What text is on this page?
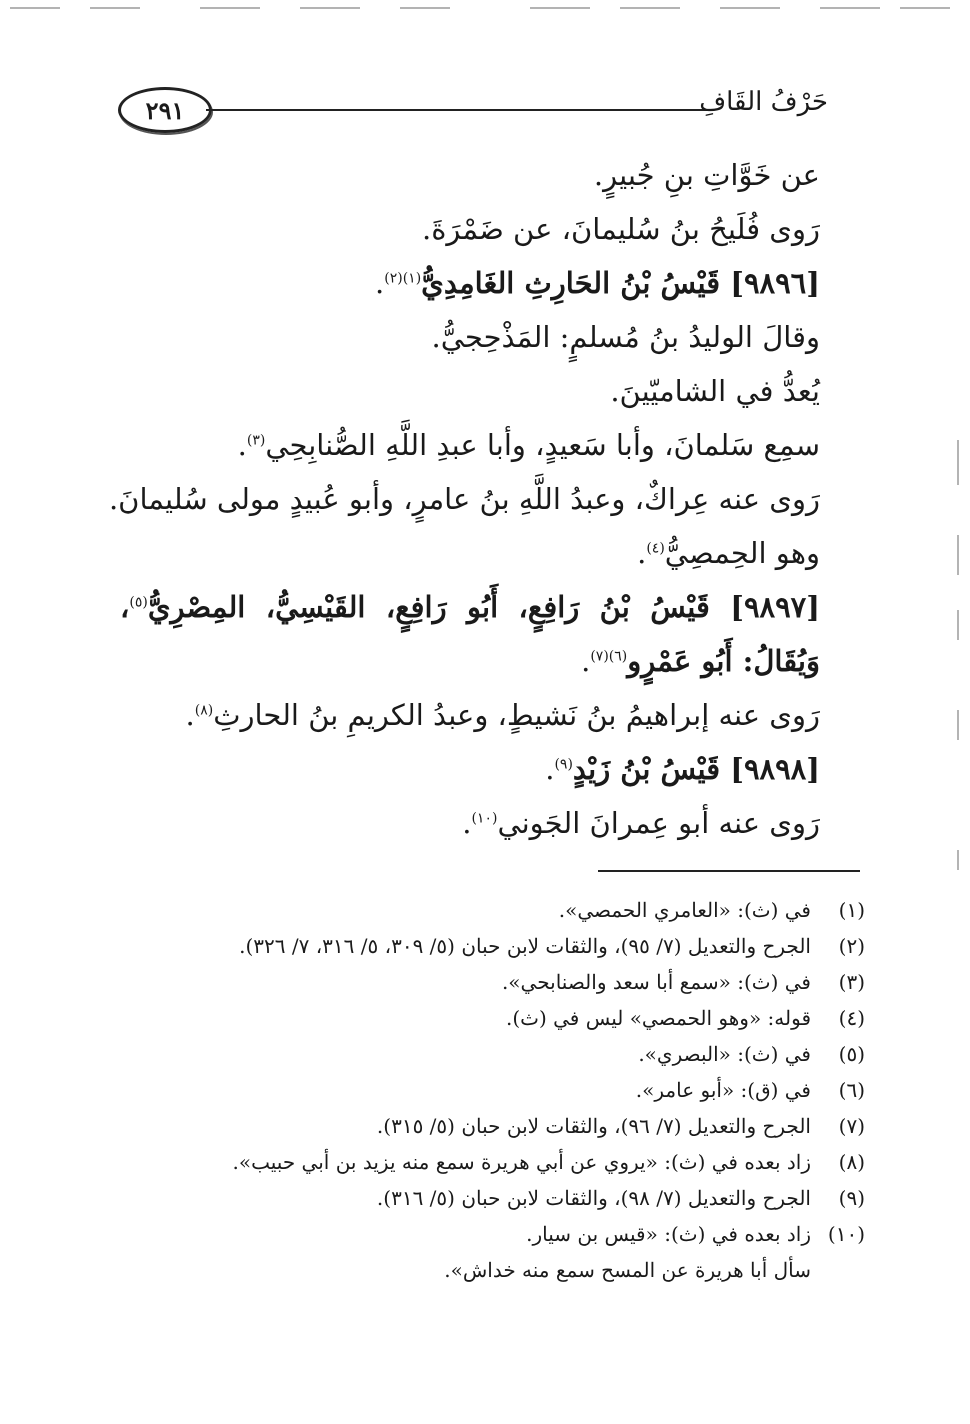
٢٩١	حَرْفُ القَافِ
عن خَوَّاتِ بنِ جُبيرٍ.
رَوى فُلَيحُ بنُ سُليمانَ، عن ضَمْرَةَ.
[٩٨٩٦] قَيْسُ بْنُ الحَارِثِ الغَامِدِيُّ$^{(١)(٢)}$.
وقالَ الوليدُ بنُ مُسلمٍ: المَذْحِجيُّ.
يُعدُّ في الشاميّينَ.
سمِع سَلمانَ، وأبا سَعيدٍ، وأبا عبدِ اللَّهِ الصُّنابِحِي$^{(٣)}$.
رَوى عنه عِراكٌ، وعبدُ اللَّهِ بنُ عامرٍ، وأبو عُبيدٍ مولى سُليمانَ.
وهو الحِمصِيُّ$^{(٤)}$.
[٩٨٩٧] قَيْسُ بْنُ رَافِعٍ، أَبُو رَافِعٍ، القَيْسِيُّ، المِصْرِيُّ$^{(٥)}$، وَيُقَالُ: أَبُو عَمْرٍو$^{(٦)(٧)}$.
رَوى عنه إبراهيمُ بنُ نَشيطٍ، وعبدُ الكريمِ بنُ الحارثِ$^{(٨)}$.
[٩٨٩٨] قَيْسُ بْنُ زَيْدٍ$^{(٩)}$.
رَوى عنه أبو عِمرانَ الجَوني$^{(١٠)}$.
(١)
في (ث): «العامري الحمصي».
(٢)
الجرح والتعديل (٧/ ٩٥)، والثقات لابن حبان (٥/ ٣٠٩، ٥/ ٣١٦، ٧/ ٣٢٦).
(٣)
في (ث): «سمع أبا سعد والصنابحي».
(٤)
قوله: «وهو الحمصي» ليس في (ث).
(٥)
في (ث): «البصري».
(٦)
في (ق): «أبو عامر».
(٧)
الجرح والتعديل (٧/ ٩٦)، والثقات لابن حبان (٥/ ٣١٥).
(٨)
زاد بعده في (ث): «يروي عن أبي هريرة سمع منه يزيد بن أبي حبيب».
(٩)
الجرح والتعديل (٧/ ٩٨)، والثقات لابن حبان (٥/ ٣١٦).
(١٠)
زاد بعده في (ث): «قيس بن سيار.
سأل أبا هريرة عن المسح سمع منه خداش».
